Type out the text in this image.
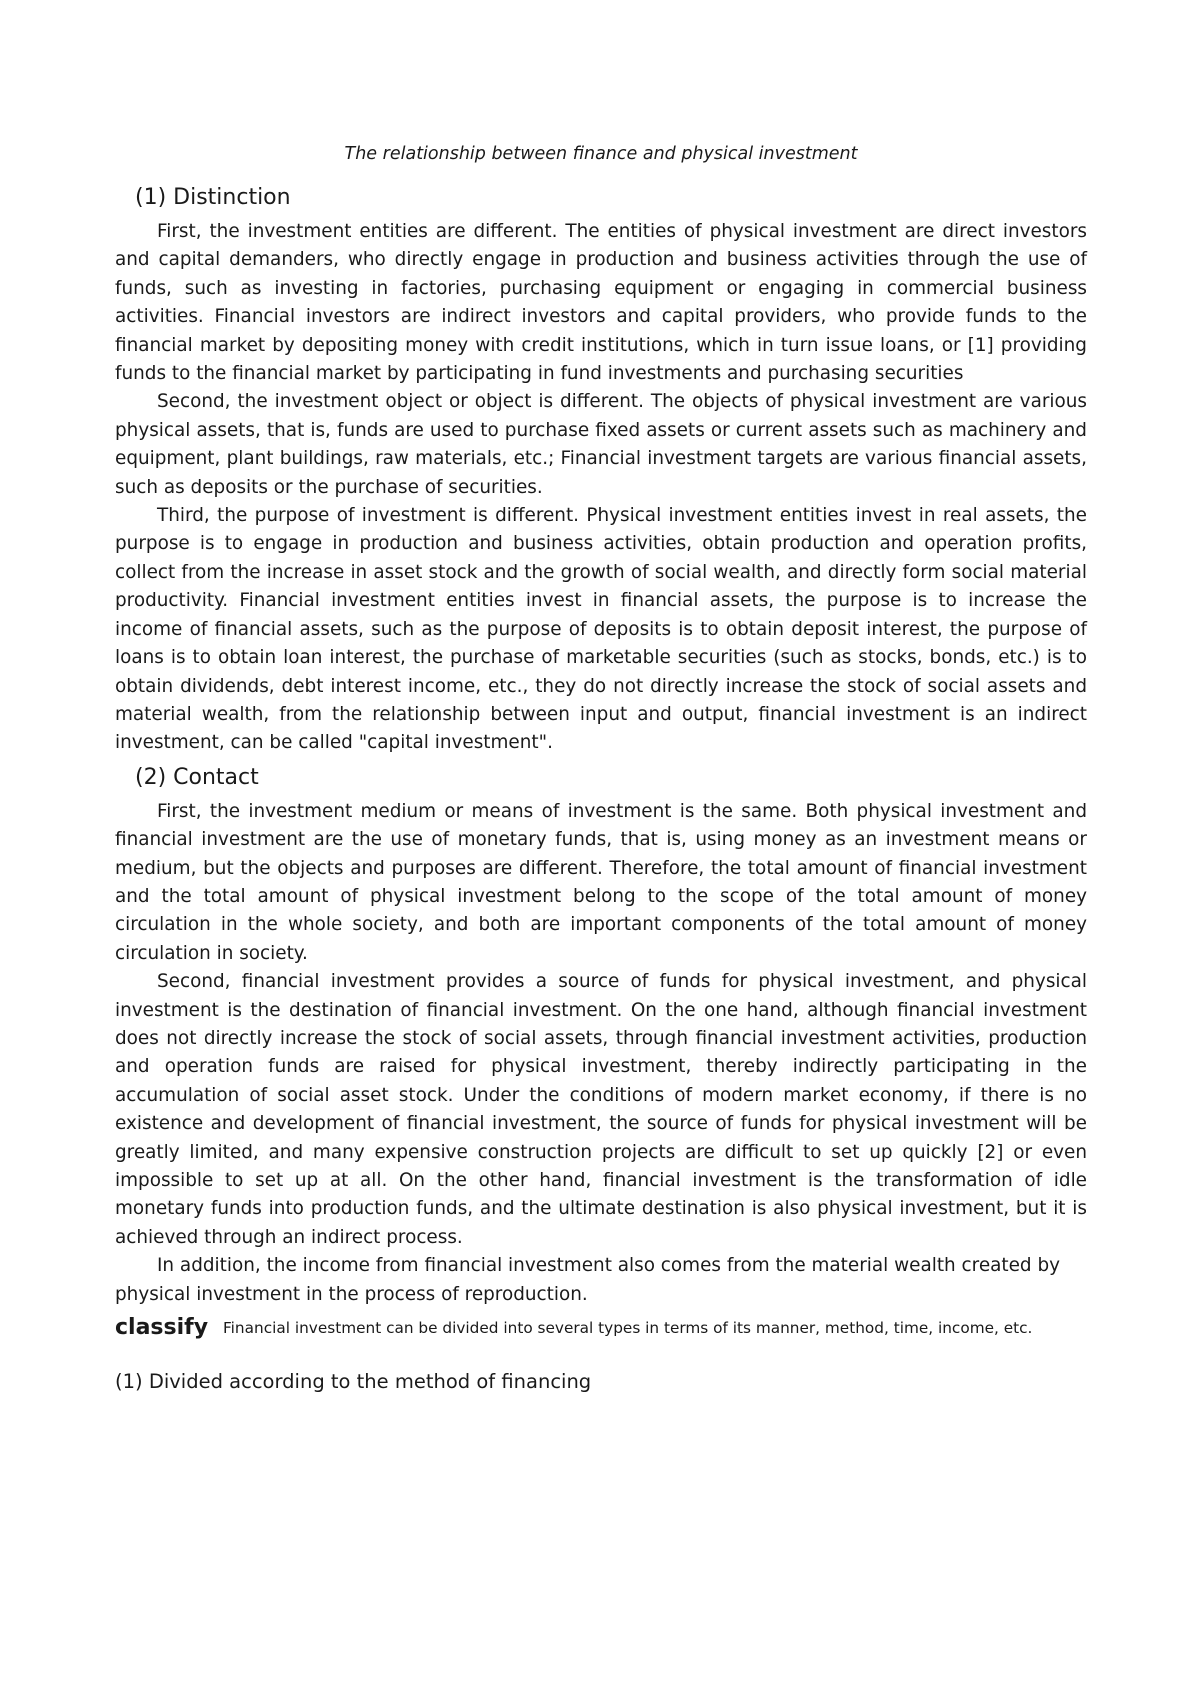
The relationship between finance and physical investment

(1) Distinction

First, the investment entities are different. The entities of physical investment are direct investors and capital demanders, who directly engage in production and business activities through the use of funds, such as investing in factories, purchasing equipment or engaging in commercial business activities. Financial investors are indirect investors and capital providers, who provide funds to the financial market by depositing money with credit institutions, which in turn issue loans, or [1] providing funds to the financial market by participating in fund investments and purchasing securities

Second, the investment object or object is different. The objects of physical investment are various physical assets, that is, funds are used to purchase fixed assets or current assets such as machinery and equipment, plant buildings, raw materials, etc.; Financial investment targets are various financial assets, such as deposits or the purchase of securities.

Third, the purpose of investment is different. Physical investment entities invest in real assets, the purpose is to engage in production and business activities, obtain production and operation profits, collect from the increase in asset stock and the growth of social wealth, and directly form social material productivity. Financial investment entities invest in financial assets, the purpose is to increase the income of financial assets, such as the purpose of deposits is to obtain deposit interest, the purpose of loans is to obtain loan interest, the purchase of marketable securities (such as stocks, bonds, etc.) is to obtain dividends, debt interest income, etc., they do not directly increase the stock of social assets and material wealth, from the relationship between input and output, financial investment is an indirect investment, can be called "capital investment".

(2) Contact

First, the investment medium or means of investment is the same. Both physical investment and financial investment are the use of monetary funds, that is, using money as an investment means or medium, but the objects and purposes are different. Therefore, the total amount of financial investment and the total amount of physical investment belong to the scope of the total amount of money circulation in the whole society, and both are important components of the total amount of money circulation in society.

Second, financial investment provides a source of funds for physical investment, and physical investment is the destination of financial investment. On the one hand, although financial investment does not directly increase the stock of social assets, through financial investment activities, production and operation funds are raised for physical investment, thereby indirectly participating in the accumulation of social asset stock. Under the conditions of modern market economy, if there is no existence and development of financial investment, the source of funds for physical investment will be greatly limited, and many expensive construction projects are difficult to set up quickly [2] or even impossible to set up at all. On the other hand, financial investment is the transformation of idle monetary funds into production funds, and the ultimate destination is also physical investment, but it is achieved through an indirect process.

In addition, the income from financial investment also comes from the material wealth created by physical investment in the process of reproduction.

classify Financial investment can be divided into several types in terms of its manner, method, time, income, etc.

(1) Divided according to the method of financing
